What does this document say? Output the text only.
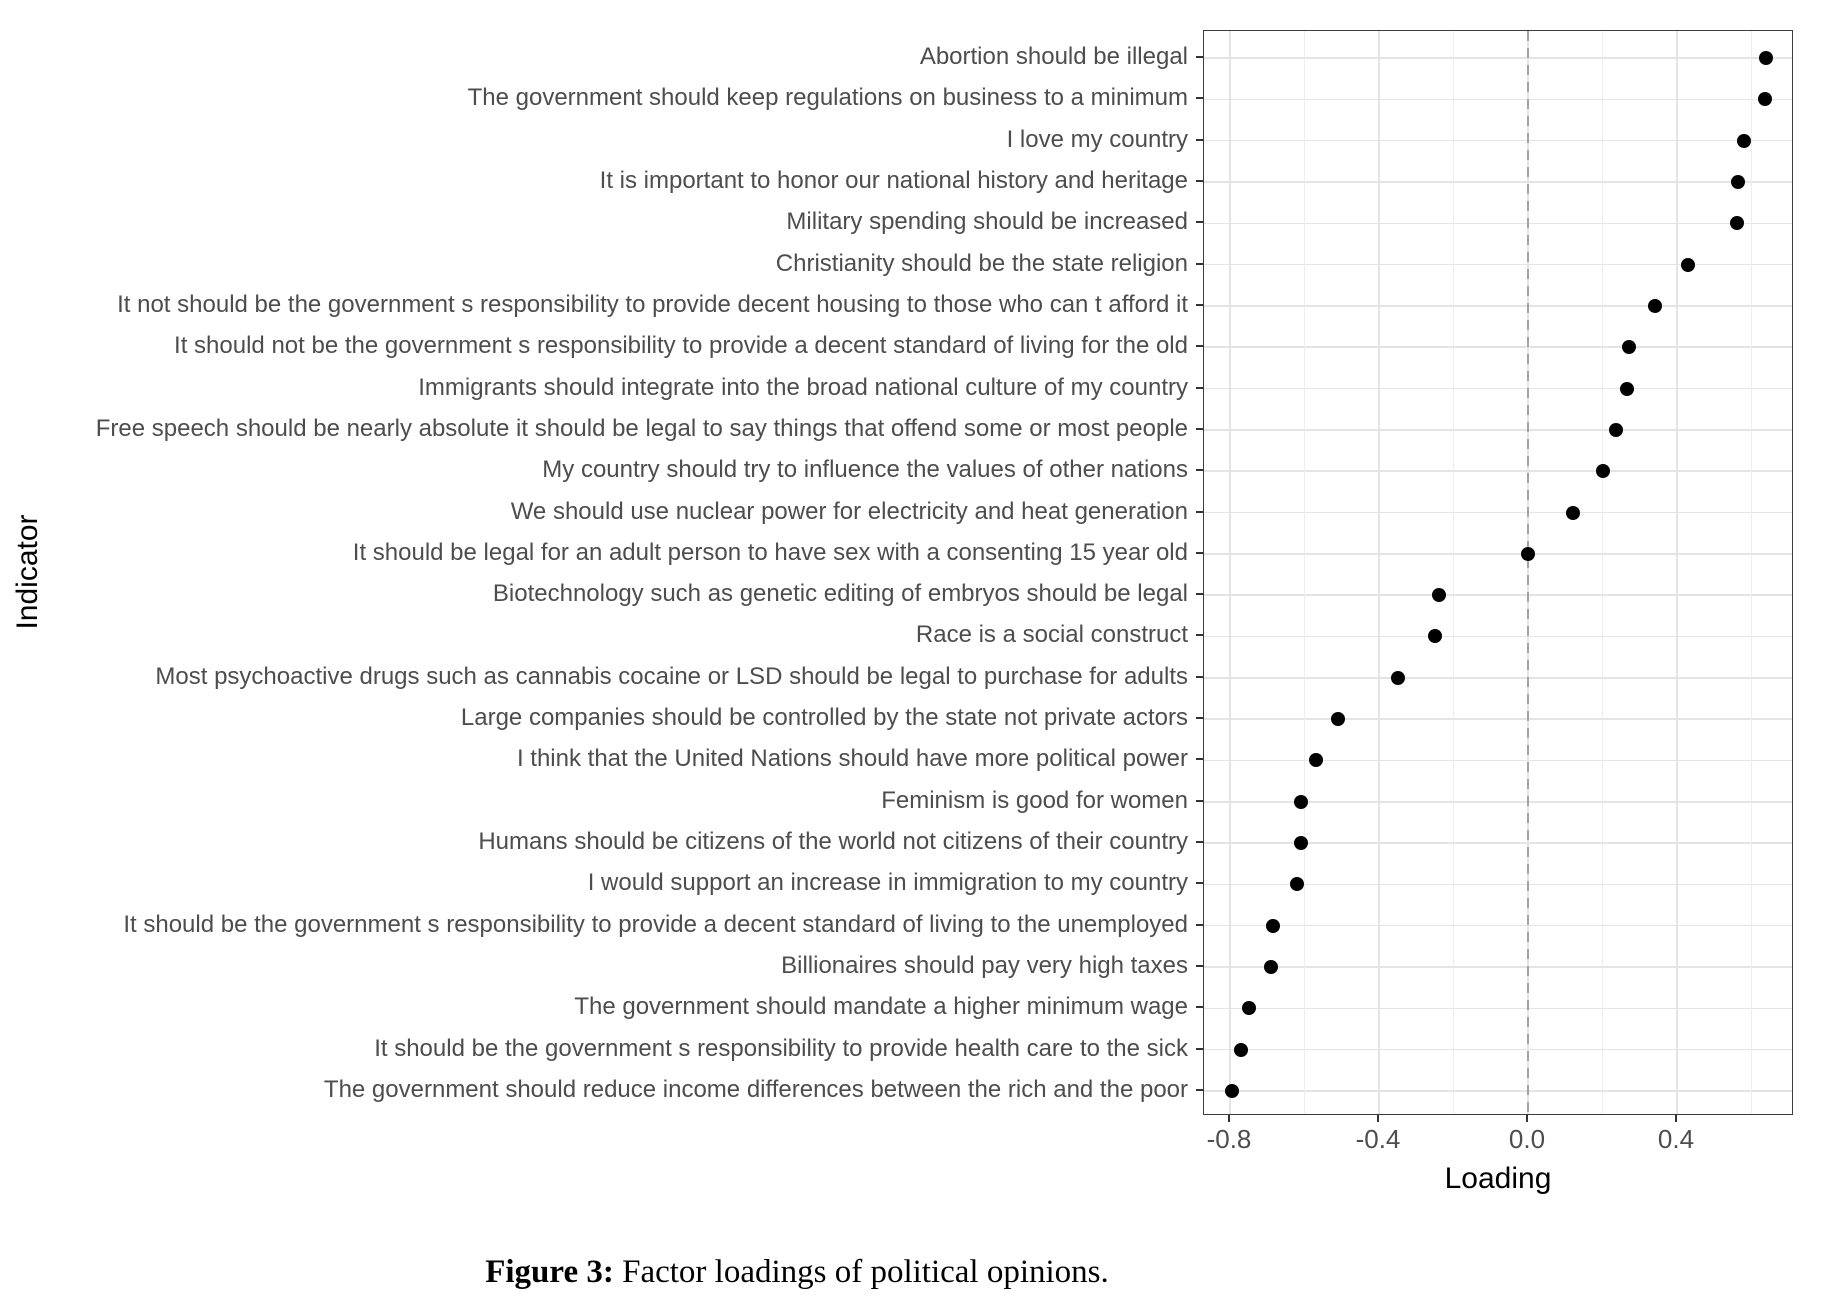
Abortion should be illegal
The government should keep regulations on business to a minimum
I love my country
It is important to honor our national history and heritage
Military spending should be increased
Christianity should be the state religion
It not should be the government s responsibility to provide decent housing to those who can t afford it
It should not be the government s responsibility to provide a decent standard of living for the old
Immigrants should integrate into the broad national culture of my country
Free speech should be nearly absolute it should be legal to say things that offend some or most people
My country should try to influence the values of other nations
We should use nuclear power for electricity and heat generation
It should be legal for an adult person to have sex with a consenting 15 year old
Biotechnology such as genetic editing of embryos should be legal
Race is a social construct
Most psychoactive drugs such as cannabis cocaine or LSD should be legal to purchase for adults
Large companies should be controlled by the state not private actors
I think that the United Nations should have more political power
Feminism is good for women
Humans should be citizens of the world not citizens of their country
I would support an increase in immigration to my country
It should be the government s responsibility to provide a decent standard of living to the unemployed
Billionaires should pay very high taxes
The government should mandate a higher minimum wage
It should be the government s responsibility to provide health care to the sick
The government should reduce income differences between the rich and the poor
-0.8	-0.4	0.0	0.4
Loading
Indicator
Figure 3: Factor loadings of political opinions.
